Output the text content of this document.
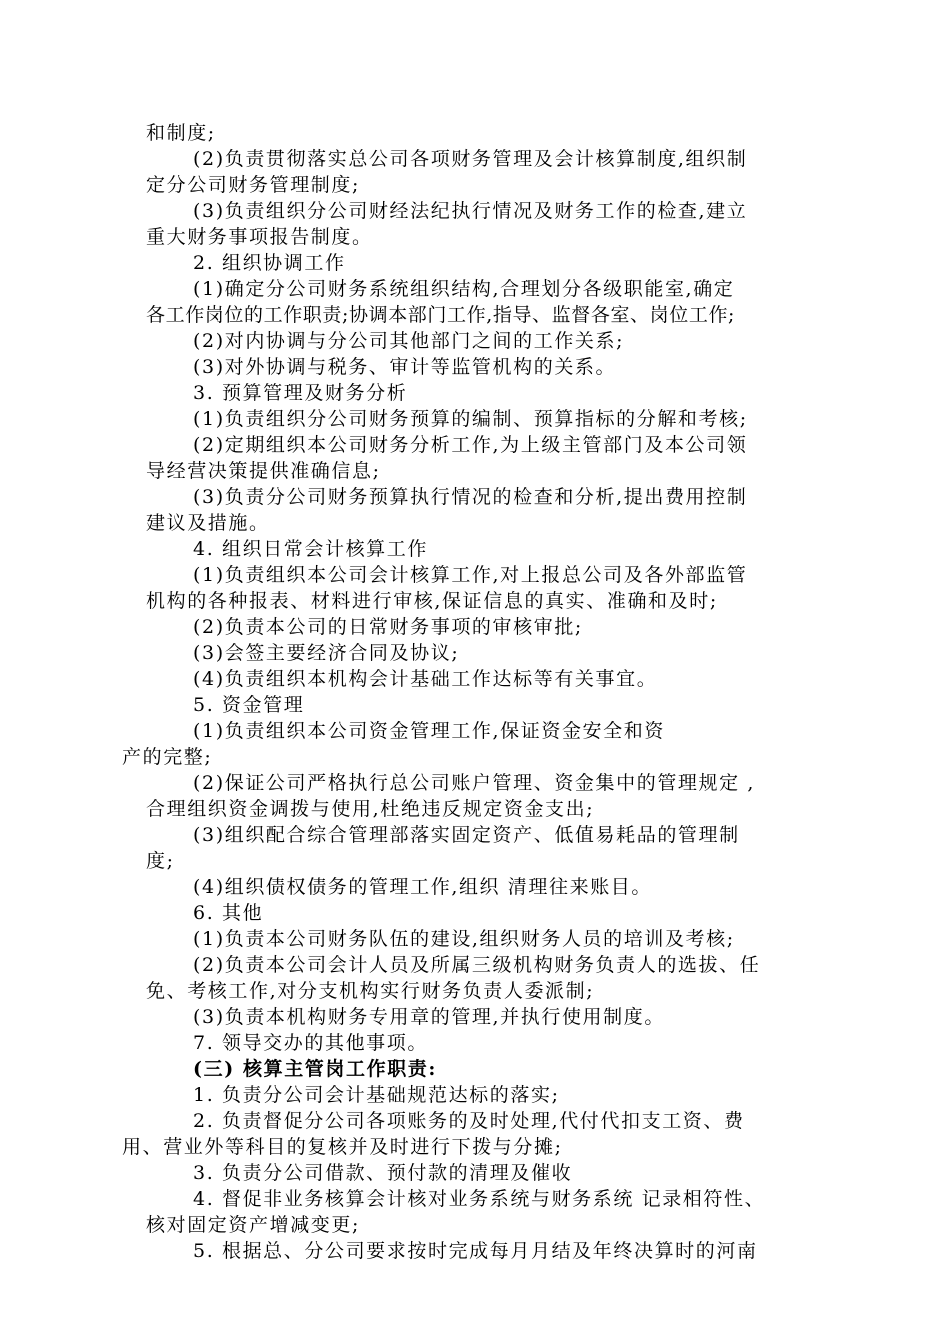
和制度;
(2)负责贯彻落实总公司各项财务管理及会计核算制度,组织制
定分公司财务管理制度;
(3)负责组织分公司财经法纪执行情况及财务工作的检查,建立
重大财务事项报告制度。
2. 组织协调工作
(1)确定分公司财务系统组织结构,合理划分各级职能室,确定
各工作岗位的工作职责;协调本部门工作,指导、监督各室、岗位工作;
(2)对内协调与分公司其他部门之间的工作关系;
(3)对外协调与税务、审计等监管机构的关系。
3. 预算管理及财务分析
(1)负责组织分公司财务预算的编制、预算指标的分解和考核;
(2)定期组织本公司财务分析工作,为上级主管部门及本公司领
导经营决策提供准确信息;
(3)负责分公司财务预算执行情况的检查和分析,提出费用控制
建议及措施。
4. 组织日常会计核算工作
(1)负责组织本公司会计核算工作,对上报总公司及各外部监管
机构的各种报表、材料进行审核,保证信息的真实、准确和及时;
(2)负责本公司的日常财务事项的审核审批;
(3)会签主要经济合同及协议;
(4)负责组织本机构会计基础工作达标等有关事宜。
5. 资金管理
(1)负责组织本公司资金管理工作,保证资金安全和资
产的完整;
(2)保证公司严格执行总公司账户管理、资金集中的管理规定 ,
合理组织资金调拨与使用,杜绝违反规定资金支出;
(3)组织配合综合管理部落实固定资产、低值易耗品的管理制
度;
(4)组织债权债务的管理工作,组织 清理往来账目。
6. 其他
(1)负责本公司财务队伍的建设,组织财务人员的培训及考核;
(2)负责本公司会计人员及所属三级机构财务负责人的选拔、任
免、考核工作,对分支机构实行财务负责人委派制;
(3)负责本机构财务专用章的管理,并执行使用制度。
7. 领导交办的其他事项。
(三) 核算主管岗工作职责:
1. 负责分公司会计基础规范达标的落实;
2. 负责督促分公司各项账务的及时处理,代付代扣支工资、费
用、营业外等科目的复核并及时进行下拨与分摊;
3. 负责分公司借款、预付款的清理及催收
4. 督促非业务核算会计核对业务系统与财务系统 记录相符性、
核对固定资产增减变更;
5. 根据总、分公司要求按时完成每月月结及年终决算时的河南
